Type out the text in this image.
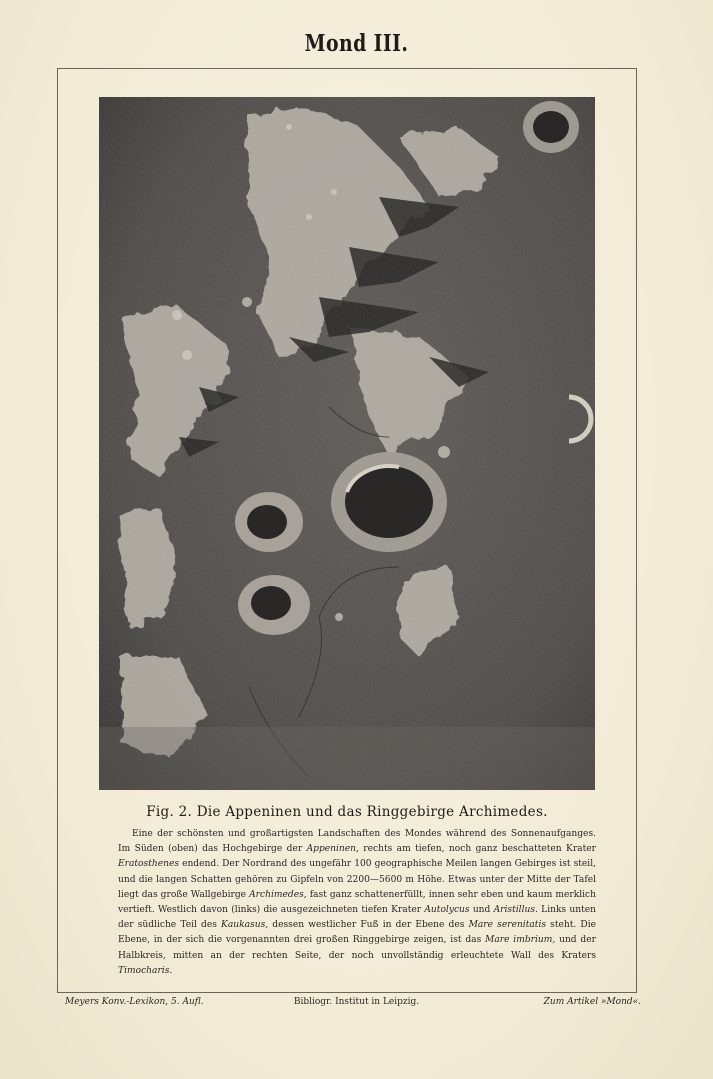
Mond III.
Fig. 2. Die Appeninen und das Ringgebirge Archimedes.
Eine der schönsten und großartigsten Landschaften des Mondes während des Sonnenaufganges. Im Süden (oben) das Hochgebirge der Appeninen, rechts am tiefen, noch ganz beschatteten Krater Eratosthenes endend. Der Nordrand des ungefähr 100 geographische Meilen langen Gebirges ist steil, und die langen Schatten gehören zu Gipfeln von 2200—5600 m Höhe. Etwas unter der Mitte der Tafel liegt das große Wallgebirge Archimedes, fast ganz schattenerfüllt, innen sehr eben und kaum merklich vertieft. Westlich davon (links) die ausgezeichneten tiefen Krater Autolycus und Aristillus. Links unten der südliche Teil des Kaukasus, dessen westlicher Fuß in der Ebene des Mare serenitatis steht. Die Ebene, in der sich die vorgenannten drei großen Ringgebirge zeigen, ist das Mare imbrium, und der Halbkreis, mitten an der rechten Seite, der noch unvollständig erleuchtete Wall des Kraters Timocharis.
Meyers Konv.-Lexikon, 5. Aufl.	Bibliogr. Institut in Leipzig.	Zum Artikel »Mond«.
